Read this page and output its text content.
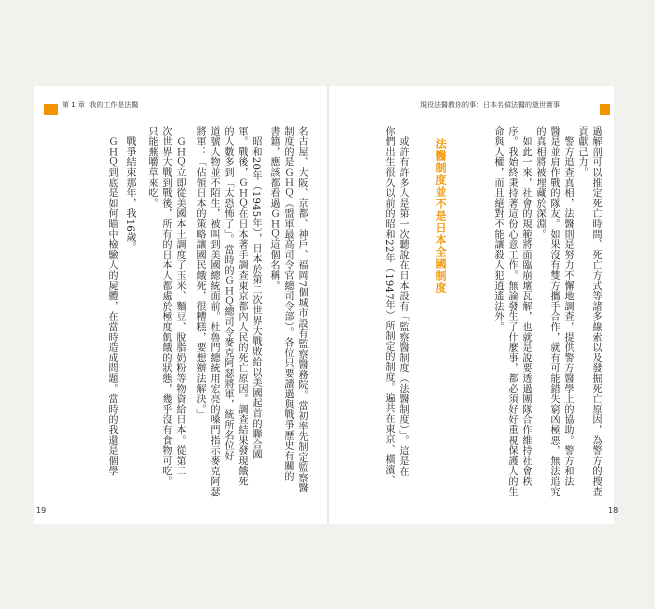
第 1 章 我的工作是法醫	現役法醫教你的事：日本名偵法醫的逝世實事
過解剖可以推定死亡時間、死亡方式等諸多線索以及發掘死亡原因，為警方的搜查
貢獻己力。
　警方追查真相，法醫則是努力不懈地調查，提供警方醫學上的協助。警方和法
醫是並肩作戰的隊友。如果沒有雙方攜手合作，就有可能錯失窮凶極惡，無法追究
的真相將被埋藏於深淵。
　如此一來，社會的規範將面臨崩壞瓦解，也就是說要透過團隊合作維持社會秩
序。我始終秉持著這份心意工作。無論發生了什麼事，都必須好好重視保護人的生
命與人權，而且絕對不能讓殺人犯逍遙法外。
法醫制度並不是日本全國制度
　或許有許多人是第一次聽說在日本設有「監察醫制度（法醫制度）」。這是在
你們出生很久以前的昭和22年（1947年）所制定的制度。遍共在東京、橫濱、
名古屋、大阪、京都、神戶、福岡7個城市設有監察醫務院。當初率先制定監察醫
制度的是ＧＨＱ（盟軍最高司令官總司令部）。各位只要讀過與戰爭歷史有關的
書籍，應該都看過ＧＨＱ這個名稱。
　昭和20年（1945年），日本於第二次世界大戰敗給以美國起首的聯合國
軍。戰後，ＧＨＱ在日本著手調查東京都內人民的死亡原因。調查結果發現餓死
的人數多到「太恐怖了」。當時的ＧＨＱ總司令麥克阿瑟將軍，統所名位好
道號人物並不陌生，被叫到美國總統面前。杜魯門總統用宏亮的嗓門指示麥克阿瑟
將軍：「佔領日本的策略讓國民餓死，很糟糕，要想辦法解決。」
　ＧＨＱ立即從美國本土調度了玉米、麵豆、脫脂奶粉等物資給日本。從第二
次世界大戰到戰後，所有的日本人都處於極度飢餓的狀態，幾乎沒有食物可吃。
只能蕪嚼草來吃。
　戰爭結束那年，我16歲。
　ＧＨＱ到底是如何瞄中檢驗人的屍體，在當時造成問題。當時的我還是個學
19	18
